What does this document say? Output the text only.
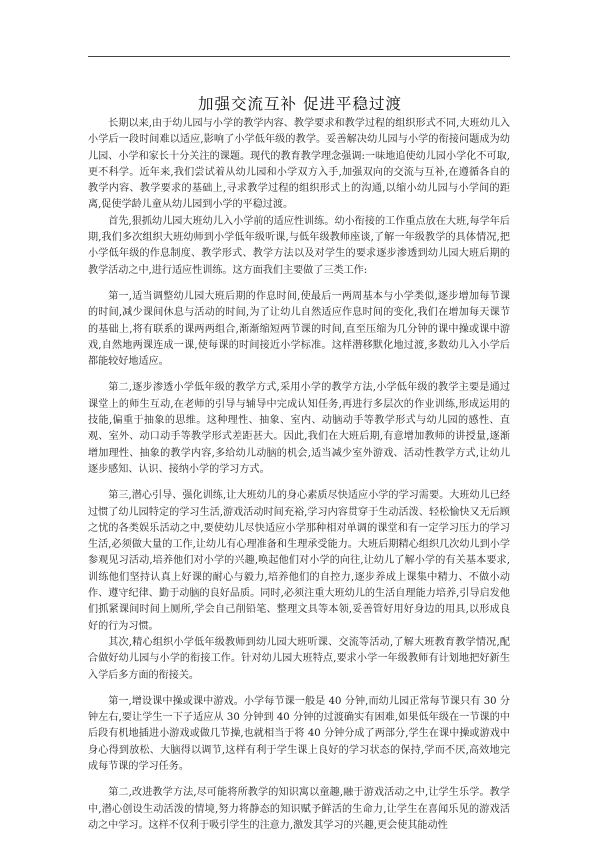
加强交流互补 促进平稳过渡

长期以来,由于幼儿园与小学的教学内容、教学要求和教学过程的组织形式不同,大班幼儿入小学后一段时间难以适应,影响了小学低年级的教学。妥善解决幼儿园与小学的衔接问题成为幼儿园、小学和家长十分关注的课题。现代的教育教学理念强调:一味地追使幼儿园小学化不可取,更不科学。近年来,我们尝试着从幼儿园和小学双方入手,加强双向的交流与互补,在遵循各自的教学内容、教学要求的基础上,寻求教学过程的组织形式上的沟通,以缩小幼儿园与小学间的距离,促使学龄儿童从幼儿园到小学的平稳过渡。

首先,狠抓幼儿园大班幼儿入小学前的适应性训练。幼小衔接的工作重点放在大班,每学年后期,我们多次组织大班幼师到小学低年级听课,与低年级教师座谈,了解一年级教学的具体情况,把小学低年级的作息制度、教学形式、教学方法以及对学生的要求逐步渗透到幼儿园大班后期的教学活动之中,进行适应性训练。这方面我们主要做了三类工作:

第一,适当调整幼儿园大班后期的作息时间,使最后一两周基本与小学类似,逐步增加每节课的时间,减少课间休息与活动的时间,为了让幼儿自然适应作息时间的变化,我们在增加每天课节的基础上,将有联系的课两两组合,渐渐缩短两节课的时间,直至压缩为几分钟的课中操或课中游戏,自然地两课连成一课,使每课的时间接近小学标准。这样潜移默化地过渡,多数幼儿入小学后都能较好地适应。

第二,逐步渗透小学低年级的教学方式,采用小学的教学方法,小学低年级的教学主要是通过课堂上的师生互动,在老师的引导与辅导中完成认知任务,再进行多层次的作业训练,形成运用的技能,偏重于抽象的思维。这种理性、抽象、室内、动脑动手等教学形式与幼儿园的感性、直观、室外、动口动手等教学形式差距甚大。因此,我们在大班后期,有意增加教师的讲授量,逐渐增加理性、抽象的教学内容,多给幼儿动脑的机会,适当减少室外游戏、活动性教学方式,让幼儿逐步感知、认识、接纳小学的学习方式。

第三,潜心引导、强化训练,让大班幼儿的身心素质尽快适应小学的学习需要。大班幼儿已经过惯了幼儿园特定的学习生活,游戏活动时间充裕,学习内容贯穿于生动活泼、轻松愉快又无后顾之忧的各类娱乐活动之中,要使幼儿尽快适应小学那种相对单调的课堂和有一定学习压力的学习生活,必须做大量的工作,让幼儿有心理准备和生理承受能力。大班后期精心组织几次幼儿到小学参观见习活动,培养他们对小学的兴趣,唤起他们对小学的向往,让幼儿了解小学的有关基本要求,训练他们坚持认真上好课的耐心与毅力,培养他们的自控力,逐步养成上课集中精力、不做小动作、遵守纪律、勤于动脑的良好品质。同时,必须注重大班幼儿的生活自理能力培养,引导启发他们抓紧课间时间上厕所,学会自己削铅笔、整理文具等本领,妥善管好用好身边的用具,以形成良好的行为习惯。

其次,精心组织小学低年级教师到幼儿园大班听课、交流等活动,了解大班教育教学情况,配合做好幼儿园与小学的衔接工作。针对幼儿园大班特点,要求小学一年级教师有计划地把好新生入学后多方面的衔接关。

第一,增设课中操或课中游戏。小学每节课一般是 40 分钟,而幼儿园正常每节课只有 30 分钟左右,要让学生一下子适应从 30 分钟到 40 分钟的过渡确实有困难,如果低年级在一节课的中后段有机地插进小游戏或做几节操,也就相当于将 40 分钟分成了两部分,学生在课中操或游戏中身心得到放松、大脑得以调节,这样有利于学生课上良好的学习状态的保持,学而不厌,高效地完成每节课的学习任务。

第二,改进教学方法,尽可能将所教学的知识寓以童趣,融于游戏活动之中,让学生乐学。教学中,潜心创设生动活泼的情境,努力将静态的知识赋予鲜活的生命力,让学生在喜闻乐见的游戏活动之中学习。这样不仅利于吸引学生的注意力,激发其学习的兴趣,更会使其能动性
